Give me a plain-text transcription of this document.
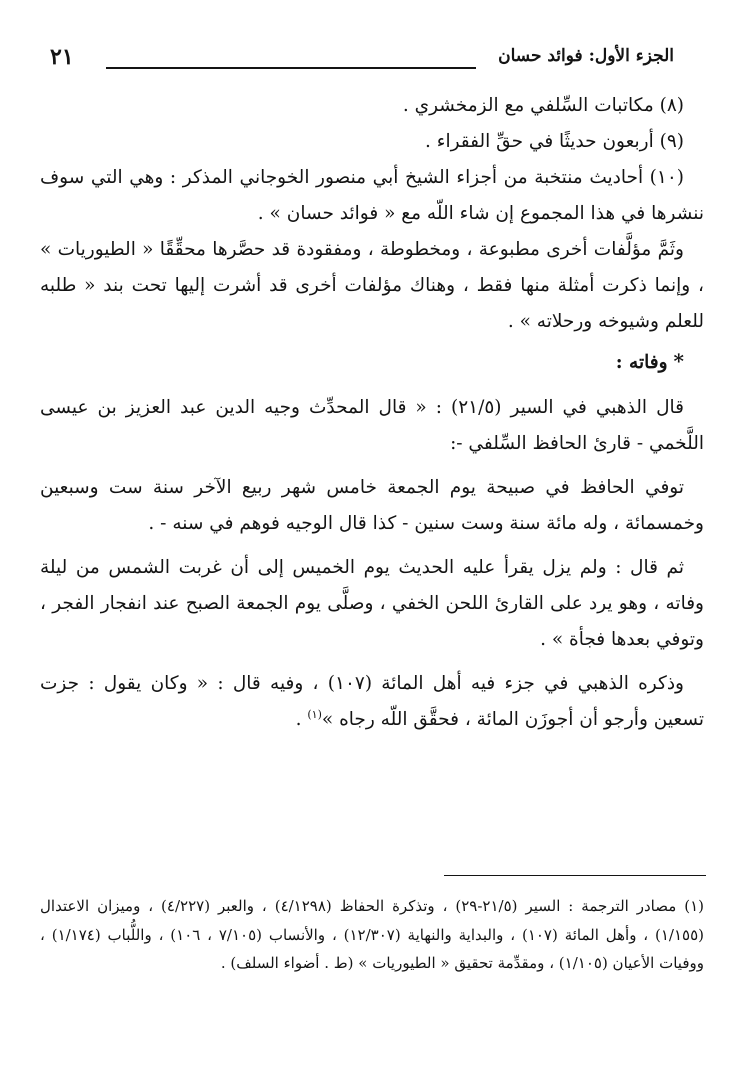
٢١	الجزء الأول: فوائد حسان

(٨) مكاتبات السِّلفي مع الزمخشري .

(٩) أربعون حديثًا في حقِّ الفقراء .

(١٠) أحاديث منتخبة من أجزاء الشيخ أبي منصور الخوجاني المذكر : وهي التي سوف ننشرها في هذا المجموع إن شاء اللّه مع « فوائد حسان » .

وثَمَّ مؤلَّفات أخرى مطبوعة ، ومخطوطة ، ومفقودة قد حصَّرها محقِّقًا « الطيوريات » ، وإنما ذكرت أمثلة منها فقط ، وهناك مؤلفات أخرى قد أشرت إليها تحت بند « طلبه للعلم وشيوخه ورحلاته » .

*وفاته :

قال الذهبي في السير (٢١/٥) : « قال المحدِّث وجيه الدين عبد العزيز بن عيسى اللَّخمي - قارئ الحافظ السِّلفي -:

توفي الحافظ في صبيحة يوم الجمعة خامس شهر ربيع الآخر سنة ست وسبعين وخمسمائة ، وله مائة سنة وست سنين - كذا قال الوجيه فوهم في سنه - .

ثم قال : ولم يزل يقرأ عليه الحديث يوم الخميس إلى أن غربت الشمس من ليلة وفاته ، وهو يرد على القارئ اللحن الخفي ، وصلَّى يوم الجمعة الصبح عند انفجار الفجر ، وتوفي بعدها فجأة » .

وذكره الذهبي في جزء فيه أهل المائة (١٠٧) ، وفيه قال : « وكان يقول : جزت تسعين وأرجو أن أجوزَن المائة ، فحقَّق اللّه رجاه »$^{(١)}$ .

(١) مصادر الترجمة : السير (٢١/٥-٢٩) ، وتذكرة الحفاظ (٤/١٢٩٨) ، والعبر (٤/٢٢٧) ، وميزان الاعتدال (١/١٥٥) ، وأهل المائة (١٠٧) ، والبداية والنهاية (١٢/٣٠٧) ، والأنساب (٧/١٠٥ ، ١٠٦) ، واللُّباب (١/١٧٤) ، ووفيات الأعيان (١/١٠٥) ، ومقدِّمة تحقيق « الطيوريات » (ط . أضواء السلف) .
